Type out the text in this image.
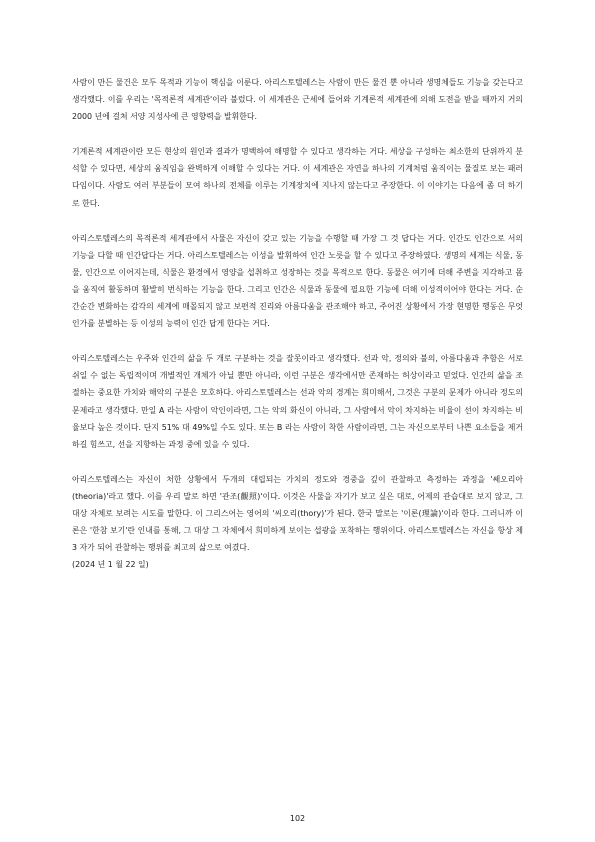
사람이 만든 물건은 모두 목적과 기능이 핵심을 이룬다. 아리스토텔레스는 사람이 만든 물건 뿐 아니라 생명체들도 기능을 갖는다고 생각했다. 이를 우리는 '목적론적 세계관'이라 불렀다. 이 세계관은 근세에 들어와 기계론적 세계관에 의해 도전을 받을 때까지 거의 2000 년에 걸쳐 서양 지성사에 큰 영향력을 발휘한다.

기계론적 세계관이란 모든 현상의 원인과 결과가 명백하여 해명할 수 있다고 생각하는 거다. 세상을 구성하는 최소한의 단위까지 분석할 수 있다면, 세상의 움직임을 완벽하게 이해할 수 있다는 거다. 이 세계관은 자연을 하나의 기계처럼 움직이는 물질로 보는 패러다임이다. 사람도 여러 부분들이 모여 하나의 전체를 이루는 기계장치에 지나지 않는다고 주장한다. 이 이야기는 다음에 좀 더 하기로 한다.

아리스토텔레스의 목적론적 세계관에서 사물은 자신이 갖고 있는 기능을 수행할 때 가장 그 것 답다는 거다. 인간도 인간으로 서의 기능을 다할 때 인간답다는 거다. 아리스토텔레스는 이성을 발휘하여 인간 노릇을 할 수 있다고 주장하였다. 생명의 세계는 식물, 동물, 인간으로 이어지는데, 식물은 환경에서 영양을 섭취하고 성장하는 것을 목적으로 한다. 동물은 여기에 더해 주변을 지각하고 몸을 움직여 활동하며 활발히 번식하는 기능을 한다. 그리고 인간은 식물과 동물에 필요한 기능에 더해 이성적이어야 한다는 거다. 순간순간 변화하는 감각의 세계에 매몰되지 않고 보편적 진리와 아름다움을 관조해야 하고, 주어진 상황에서 가장 현명한 행동은 무엇인가를 분별하는 등 이성의 능력이 인간 답게 한다는 거다.

아리스토텔레스는 우주와 인간의 삶을 두 개로 구분하는 것을 잘못이라고 생각했다. 선과 악, 정의와 불의, 아름다움과 추함은 서로 쉬일 수 없는 독립적이며 개별적인 개체가 아닐 뿐만 아니라, 이런 구분은 생각에서만 존재하는 허상이라고 믿었다. 인간의 삶을 조절하는 중요한 가치와 해악의 구분은 모호하다. 아리스토텔레스는 선과 악의 경계는 희미해서, 그것은 구분의 문제가 아니라 정도의 문제라고 생각했다. 만일 A 라는 사람이 악인이라면, 그는 악의 화신이 아니라, 그 사람에서 악이 차지하는 비율이 선이 차지하는 비율보다 높은 것이다. 단지 51% 대 49%일 수도 있다. 또는 B 라는 사람이 착한 사람이라면, 그는 자신으로부터 나쁜 요소들을 제거하길 힘쓰고, 선을 지향하는 과정 중에 있을 수 있다.

아리스토텔레스는 자신이 처한 상황에서 두개의 대립되는 가치의 정도와 경중을 깊이 관찰하고 측정하는 과정을 '쎄오리아(theoria)'라고 했다. 이를 우리 말로 하면 '관조(觀照)'이다. 이것은 사물을 자기가 보고 싶은 대로, 어제의 관습대로 보지 않고, 그 대상 자체로 보려는 시도를 말한다. 이 그리스어는 영어의 '씨오리(thory)'가 된다. 한국 말로는 '이론(理論)'이라 한다. 그러니까 이론은 '한참 보기'란 인내를 통해, 그 대상 그 자체에서 희미하게 보이는 섭광을 포착하는 행위이다. 아리스토텔레스는 자신을 항상 제 3 자가 되어 관찰하는 행위를 최고의 삶으로 여겼다.

(2024 년 1 월 22 일)

102
